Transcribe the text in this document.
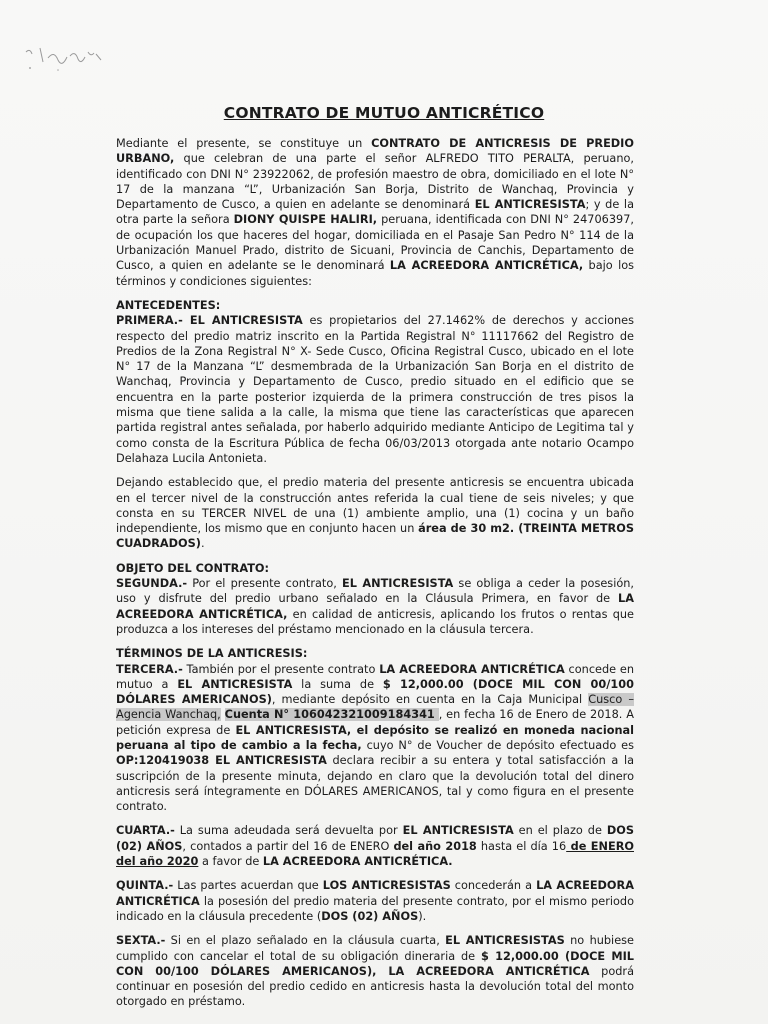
CONTRATO DE MUTUO ANTICRÉTICO

Mediante el presente, se constituye un CONTRATO DE ANTICRESIS DE PREDIO URBANO, que celebran de una parte el señor ALFREDO TITO PERALTA, peruano, identificado con DNI N° 23922062, de profesión maestro de obra, domiciliado en el lote N° 17 de la manzana “L”, Urbanización San Borja, Distrito de Wanchaq, Provincia y Departamento de Cusco, a quien en adelante se denominará EL ANTICRESISTA; y de la otra parte la señora DIONY QUISPE HALIRI, peruana, identificada con DNI N° 24706397, de ocupación los que haceres del hogar, domiciliada en el Pasaje San Pedro N° 114 de la Urbanización Manuel Prado, distrito de Sicuani, Provincia de Canchis, Departamento de Cusco, a quien en adelante se le denominará LA ACREEDORA ANTICRÉTICA, bajo los términos y condiciones siguientes:

ANTECEDENTES:

PRIMERA.- EL ANTICRESISTA es propietarios del 27.1462% de derechos y acciones respecto del predio matriz inscrito en la Partida Registral N° 11117662 del Registro de Predios de la Zona Registral N° X- Sede Cusco, Oficina Registral Cusco, ubicado en el lote N° 17 de la Manzana “L” desmembrada de la Urbanización San Borja en el distrito de Wanchaq, Provincia y Departamento de Cusco, predio situado en el edificio que se encuentra en la parte posterior izquierda de la primera construcción de tres pisos la misma que tiene salida a la calle, la misma que tiene las características que aparecen partida registral antes señalada, por haberlo adquirido mediante Anticipo de Legitima tal y como consta de la Escritura Pública de fecha 06/03/2013 otorgada ante notario Ocampo Delahaza Lucila Antonieta.

Dejando establecido que, el predio materia del presente anticresis se encuentra ubicada en el tercer nivel de la construcción antes referida la cual tiene de seis niveles; y que consta en su TERCER NIVEL de una (1) ambiente amplio, una (1) cocina y un baño independiente, los mismo que en conjunto hacen un área de 30 m2. (TREINTA METROS CUADRADOS).

OBJETO DEL CONTRATO:

SEGUNDA.- Por el presente contrato, EL ANTICRESISTA se obliga a ceder la posesión, uso y disfrute del predio urbano señalado en la Cláusula Primera, en favor de LA ACREEDORA ANTICRÉTICA, en calidad de anticresis, aplicando los frutos o rentas que produzca a los intereses del préstamo mencionado en la cláusula tercera.

TÉRMINOS DE LA ANTICRESIS:

TERCERA.- También por el presente contrato LA ACREEDORA ANTICRÉTICA concede en mutuo a EL ANTICRESISTA la suma de $ 12,000.00 (DOCE MIL CON 00/100 DÓLARES AMERICANOS), mediante depósito en cuenta en la Caja Municipal Cusco – Agencia Wanchaq, Cuenta N° 106042321009184341 , en fecha 16 de Enero de 2018. A petición expresa de EL ANTICRESISTA, el depósito se realizó en moneda nacional peruana al tipo de cambio a la fecha, cuyo N° de Voucher de depósito efectuado es OP:120419038 EL ANTICRESISTA declara recibir a su entera y total satisfacción a la suscripción de la presente minuta, dejando en claro que la devolución total del dinero anticresis será íntegramente en DÓLARES AMERICANOS, tal y como figura en el presente contrato.

CUARTA.- La suma adeudada será devuelta por EL ANTICRESISTA en el plazo de DOS (02) AÑOS, contados a partir del 16 de ENERO del año 2018 hasta el día 16 de ENERO del año 2020 a favor de LA ACREEDORA ANTICRÉTICA.

QUINTA.- Las partes acuerdan que LOS ANTICRESISTAS concederán a LA ACREEDORA ANTICRÉTICA la posesión del predio materia del presente contrato, por el mismo periodo indicado en la cláusula precedente (DOS (02) AÑOS).

SEXTA.- Si en el plazo señalado en la cláusula cuarta, EL ANTICRESISTAS no hubiese cumplido con cancelar el total de su obligación dineraria de $ 12,000.00 (DOCE MIL CON 00/100 DÓLARES AMERICANOS), LA ACREEDORA ANTICRÉTICA podrá continuar en posesión del predio cedido en anticresis hasta la devolución total del monto otorgado en préstamo.
